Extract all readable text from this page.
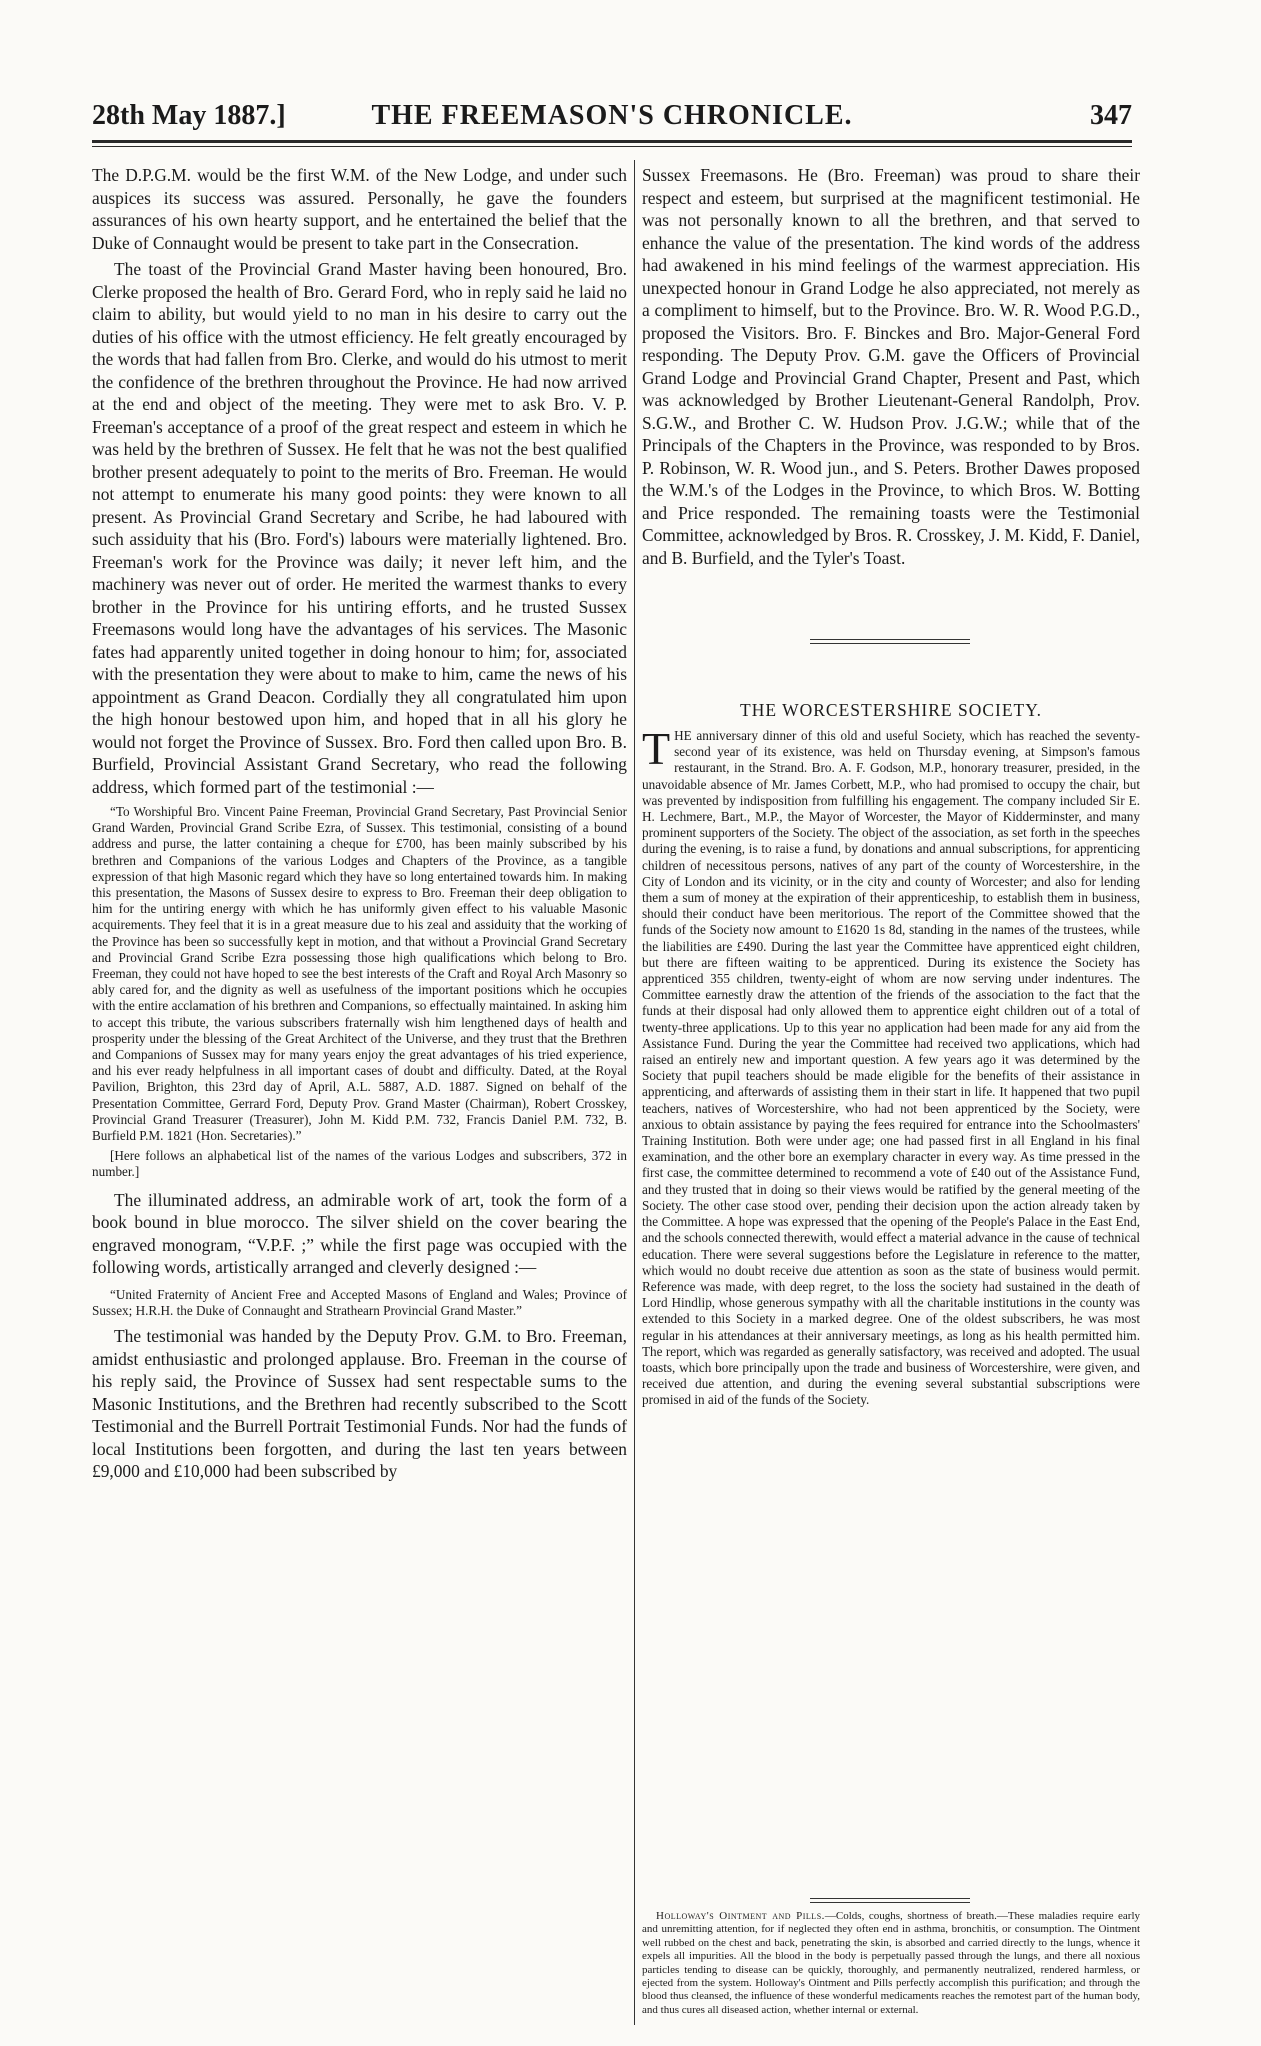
28th May 1887.]	THE FREEMASON'S CHRONICLE.	347

The D.P.G.M. would be the first W.M. of the New Lodge, and under such auspices its success was assured. Personally, he gave the founders assurances of his own hearty support, and he entertained the belief that the Duke of Connaught would be present to take part in the Consecration.

The toast of the Provincial Grand Master having been honoured, Bro. Clerke proposed the health of Bro. Gerard Ford, who in reply said he laid no claim to ability, but would yield to no man in his desire to carry out the duties of his office with the utmost efficiency. He felt greatly encouraged by the words that had fallen from Bro. Clerke, and would do his utmost to merit the confidence of the brethren throughout the Province. He had now arrived at the end and object of the meeting. They were met to ask Bro. V. P. Freeman's acceptance of a proof of the great respect and esteem in which he was held by the brethren of Sussex. He felt that he was not the best qualified brother present adequately to point to the merits of Bro. Freeman. He would not attempt to enumerate his many good points: they were known to all present. As Provincial Grand Secretary and Scribe, he had laboured with such assiduity that his (Bro. Ford's) labours were materially lightened. Bro. Freeman's work for the Province was daily; it never left him, and the machinery was never out of order. He merited the warmest thanks to every brother in the Province for his untiring efforts, and he trusted Sussex Freemasons would long have the advantages of his services. The Masonic fates had apparently united together in doing honour to him; for, associated with the presentation they were about to make to him, came the news of his appointment as Grand Deacon. Cordially they all congratulated him upon the high honour bestowed upon him, and hoped that in all his glory he would not forget the Province of Sussex. Bro. Ford then called upon Bro. B. Burfield, Provincial Assistant Grand Secretary, who read the following address, which formed part of the testimonial :—

“To Worshipful Bro. Vincent Paine Freeman, Provincial Grand Secretary, Past Provincial Senior Grand Warden, Provincial Grand Scribe Ezra, of Sussex. This testimonial, consisting of a bound address and purse, the latter containing a cheque for £700, has been mainly subscribed by his brethren and Companions of the various Lodges and Chapters of the Province, as a tangible expression of that high Masonic regard which they have so long entertained towards him. In making this presentation, the Masons of Sussex desire to express to Bro. Freeman their deep obligation to him for the untiring energy with which he has uniformly given effect to his valuable Masonic acquirements. They feel that it is in a great measure due to his zeal and assiduity that the working of the Province has been so successfully kept in motion, and that without a Provincial Grand Secretary and Provincial Grand Scribe Ezra possessing those high qualifications which belong to Bro. Freeman, they could not have hoped to see the best interests of the Craft and Royal Arch Masonry so ably cared for, and the dignity as well as usefulness of the important positions which he occupies with the entire acclamation of his brethren and Companions, so effectually maintained. In asking him to accept this tribute, the various subscribers fraternally wish him lengthened days of health and prosperity under the blessing of the Great Architect of the Universe, and they trust that the Brethren and Companions of Sussex may for many years enjoy the great advantages of his tried experience, and his ever ready helpfulness in all important cases of doubt and difficulty. Dated, at the Royal Pavilion, Brighton, this 23rd day of April, A.L. 5887, A.D. 1887. Signed on behalf of the Presentation Committee, Gerrard Ford, Deputy Prov. Grand Master (Chairman), Robert Crosskey, Provincial Grand Treasurer (Treasurer), John M. Kidd P.M. 732, Francis Daniel P.M. 732, B. Burfield P.M. 1821 (Hon. Secretaries).”

[Here follows an alphabetical list of the names of the various Lodges and subscribers, 372 in number.]

The illuminated address, an admirable work of art, took the form of a book bound in blue morocco. The silver shield on the cover bearing the engraved monogram, “V.P.F. ;” while the first page was occupied with the following words, artistically arranged and cleverly designed :—

“United Fraternity of Ancient Free and Accepted Masons of England and Wales; Province of Sussex; H.R.H. the Duke of Connaught and Strathearn Provincial Grand Master.”

The testimonial was handed by the Deputy Prov. G.M. to Bro. Freeman, amidst enthusiastic and prolonged applause. Bro. Freeman in the course of his reply said, the Province of Sussex had sent respectable sums to the Masonic Institutions, and the Brethren had recently subscribed to the Scott Testimonial and the Burrell Portrait Testimonial Funds. Nor had the funds of local Institutions been forgotten, and during the last ten years between £9,000 and £10,000 had been subscribed by

Sussex Freemasons. He (Bro. Freeman) was proud to share their respect and esteem, but surprised at the magnificent testimonial. He was not personally known to all the brethren, and that served to enhance the value of the presentation. The kind words of the address had awakened in his mind feelings of the warmest appreciation. His unexpected honour in Grand Lodge he also appreciated, not merely as a compliment to himself, but to the Province. Bro. W. R. Wood P.G.D., proposed the Visitors. Bro. F. Binckes and Bro. Major-General Ford responding. The Deputy Prov. G.M. gave the Officers of Provincial Grand Lodge and Provincial Grand Chapter, Present and Past, which was acknowledged by Brother Lieutenant-General Randolph, Prov. S.G.W., and Brother C. W. Hudson Prov. J.G.W.; while that of the Principals of the Chapters in the Province, was responded to by Bros. P. Robinson, W. R. Wood jun., and S. Peters. Brother Dawes proposed the W.M.'s of the Lodges in the Province, to which Bros. W. Botting and Price responded. The remaining toasts were the Testimonial Committee, acknowledged by Bros. R. Crosskey, J. M. Kidd, F. Daniel, and B. Burfield, and the Tyler's Toast.

THE WORCESTERSHIRE SOCIETY.

THE anniversary dinner of this old and useful Society, which has reached the seventy-second year of its existence, was held on Thursday evening, at Simpson's famous restaurant, in the Strand. Bro. A. F. Godson, M.P., honorary treasurer, presided, in the unavoidable absence of Mr. James Corbett, M.P., who had promised to occupy the chair, but was prevented by indisposition from fulfilling his engagement. The company included Sir E. H. Lechmere, Bart., M.P., the Mayor of Worcester, the Mayor of Kidderminster, and many prominent supporters of the Society. The object of the association, as set forth in the speeches during the evening, is to raise a fund, by donations and annual subscriptions, for apprenticing children of necessitous persons, natives of any part of the county of Worcestershire, in the City of London and its vicinity, or in the city and county of Worcester; and also for lending them a sum of money at the expiration of their apprenticeship, to establish them in business, should their conduct have been meritorious. The report of the Committee showed that the funds of the Society now amount to £1620 1s 8d, standing in the names of the trustees, while the liabilities are £490. During the last year the Committee have apprenticed eight children, but there are fifteen waiting to be apprenticed. During its existence the Society has apprenticed 355 children, twenty-eight of whom are now serving under indentures. The Committee earnestly draw the attention of the friends of the association to the fact that the funds at their disposal had only allowed them to apprentice eight children out of a total of twenty-three applications. Up to this year no application had been made for any aid from the Assistance Fund. During the year the Committee had received two applications, which had raised an entirely new and important question. A few years ago it was determined by the Society that pupil teachers should be made eligible for the benefits of their assistance in apprenticing, and afterwards of assisting them in their start in life. It happened that two pupil teachers, natives of Worcestershire, who had not been apprenticed by the Society, were anxious to obtain assistance by paying the fees required for entrance into the Schoolmasters' Training Institution. Both were under age; one had passed first in all England in his final examination, and the other bore an exemplary character in every way. As time pressed in the first case, the committee determined to recommend a vote of £40 out of the Assistance Fund, and they trusted that in doing so their views would be ratified by the general meeting of the Society. The other case stood over, pending their decision upon the action already taken by the Committee. A hope was expressed that the opening of the People's Palace in the East End, and the schools connected therewith, would effect a material advance in the cause of technical education. There were several suggestions before the Legislature in reference to the matter, which would no doubt receive due attention as soon as the state of business would permit. Reference was made, with deep regret, to the loss the society had sustained in the death of Lord Hindlip, whose generous sympathy with all the charitable institutions in the county was extended to this Society in a marked degree. One of the oldest subscribers, he was most regular in his attendances at their anniversary meetings, as long as his health permitted him. The report, which was regarded as generally satisfactory, was received and adopted. The usual toasts, which bore principally upon the trade and business of Worcestershire, were given, and received due attention, and during the evening several substantial subscriptions were promised in aid of the funds of the Society.

Holloway's Ointment and Pills.—Colds, coughs, shortness of breath.—These maladies require early and unremitting attention, for if neglected they often end in asthma, bronchitis, or consumption. The Ointment well rubbed on the chest and back, penetrating the skin, is absorbed and carried directly to the lungs, whence it expels all impurities. All the blood in the body is perpetually passed through the lungs, and there all noxious particles tending to disease can be quickly, thoroughly, and permanently neutralized, rendered harmless, or ejected from the system. Holloway's Ointment and Pills perfectly accomplish this purification; and through the blood thus cleansed, the influence of these wonderful medicaments reaches the remotest part of the human body, and thus cures all diseased action, whether internal or external.
